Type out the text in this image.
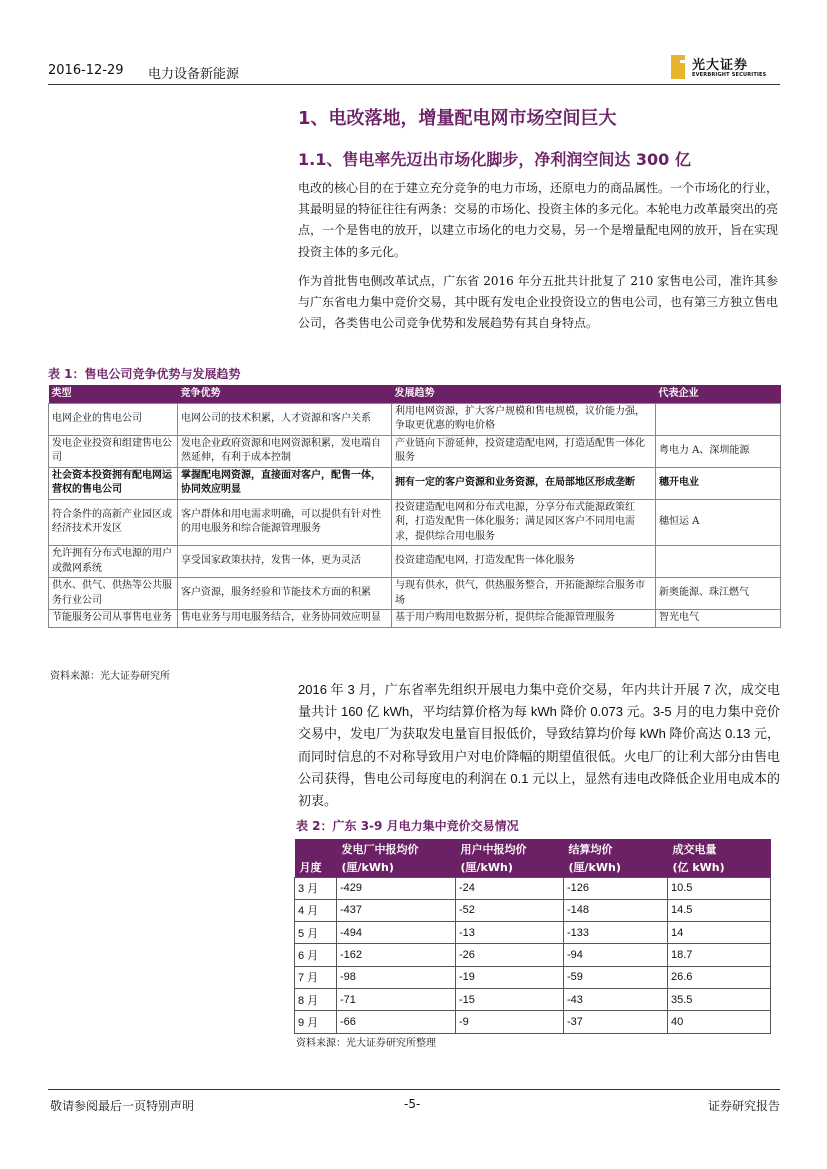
2016-12-29 电力设备新能源
光大证券
EVERBRIGHT SECURITIES
1、电改落地，增量配电网市场空间巨大
1.1、售电率先迈出市场化脚步，净利润空间达 300 亿

电改的核心目的在于建立充分竞争的电力市场，还原电力的商品属性。一个市场化的行业，其最明显的特征往往有两条：交易的市场化、投资主体的多元化。本轮电力改革最突出的亮点，一个是售电的放开，以建立市场化的电力交易，另一个是增量配电网的放开，旨在实现投资主体的多元化。

作为首批售电侧改革试点，广东省 2016 年分五批共计批复了 210 家售电公司，准许其参与广东省电力集中竞价交易，其中既有发电企业投资设立的售电公司，也有第三方独立售电公司，各类售电公司竞争优势和发展趋势有其自身特点。

表 1：售电公司竞争优势与发展趋势
类型	竞争优势	发展趋势	代表企业
电网企业的售电公司	电网公司的技术积累，人才资源和客户关系	利用电网资源，扩大客户规模和售电规模，议价能力强，争取更优惠的购电价格	
发电企业投资和组建售电公司	发电企业政府资源和电网资源积累，发电端自然延伸，有利于成本控制	产业链向下游延伸，投资建造配电网，打造适配售一体化服务	粤电力 A、深圳能源
社会资本投资拥有配电网运营权的售电公司	掌握配电网资源，直接面对客户，配售一体，协同效应明显	拥有一定的客户资源和业务资源，在局部地区形成垄断	穗开电业
符合条件的高新产业园区或经济技术开发区	客户群体和用电需求明确，可以提供有针对性的用电服务和综合能源管理服务	投资建造配电网和分布式电源，分享分布式能源政策红利，打造发配售一体化服务；满足园区客户不同用电需求，提供综合用电服务	穗恒运 A
允许拥有分布式电源的用户或微网系统	享受国家政策扶持，发售一体，更为灵活	投资建造配电网，打造发配售一体化服务	
供水、供气、供热等公共服务行业公司	客户资源，服务经验和节能技术方面的积累	与现有供水，供气，供热服务整合，开拓能源综合服务市场	新奥能源、珠江燃气
节能服务公司从事售电业务	售电业务与用电服务结合，业务协同效应明显	基于用户购用电数据分析，提供综合能源管理服务	智光电气
资料来源：光大证券研究所

2016 年 3 月，广东省率先组织开展电力集中竞价交易，年内共计开展 7 次，成交电量共计 160 亿 kWh，平均结算价格为每 kWh 降价 0.073 元。3-5 月的电力集中竞价交易中，发电厂为获取发电量盲目报低价，导致结算均价每 kWh 降价高达 0.13 元，而同时信息的不对称导致用户对电价降幅的期望值很低。火电厂的让利大部分由售电公司获得，售电公司每度电的利润在 0.1 元以上，显然有违电改降低企业用电成本的初衷。

表 2：广东 3-9 月电力集中竞价交易情况
	发电厂中报均价	用户中报均价	结算均价	成交电量
月度	(厘/kWh)	(厘/kWh)	(厘/kWh)	(亿 kWh)
3 月	-429	-24	-126	10.5
4 月	-437	-52	-148	14.5
5 月	-494	-13	-133	14
6 月	-162	-26	-94	18.7
7 月	-98	-19	-59	26.6
8 月	-71	-15	-43	35.5
9 月	-66	-9	-37	40
资料来源：光大证券研究所整理
敬请参阅最后一页特别声明	-5-	证券研究报告
